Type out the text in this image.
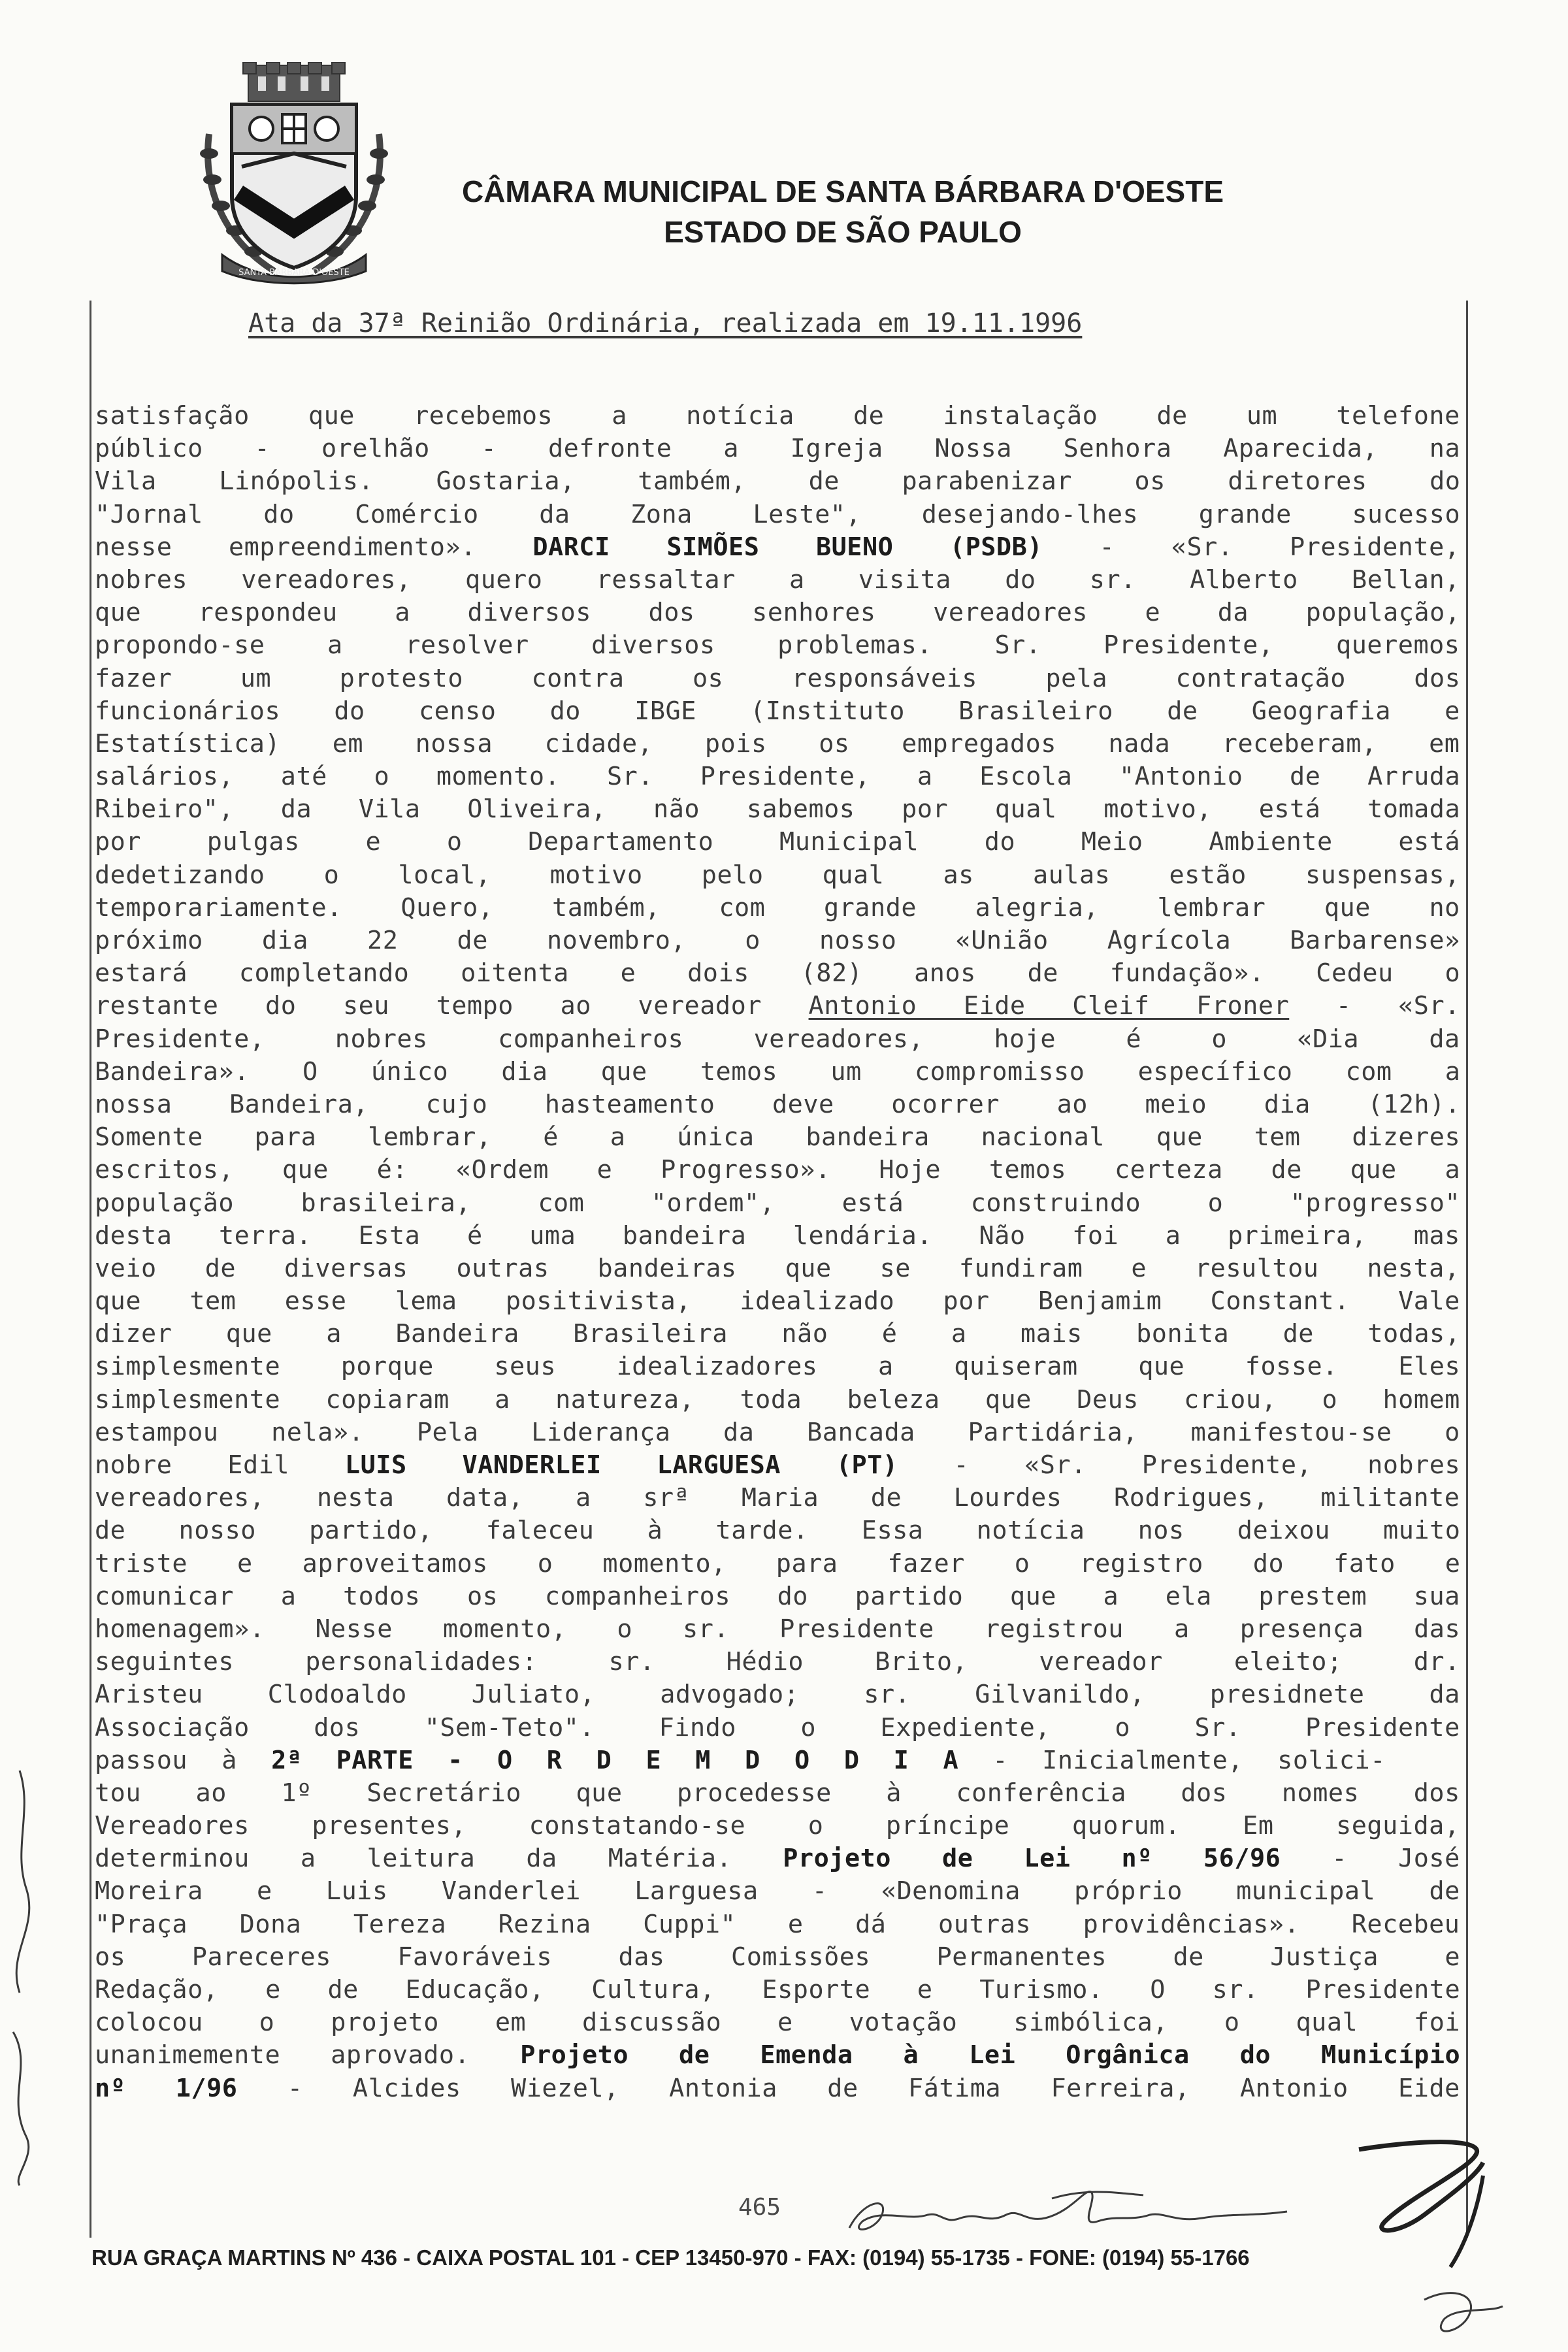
SANTA BÁRBARA D'OESTE
CÂMARA MUNICIPAL DE SANTA BÁRBARA D'OESTE
ESTADO DE SÃO PAULO
Ata da 37ª Reinião Ordinária, realizada em 19.11.1996
satisfação que recebemos a notícia de instalação de um telefone
público - orelhão - defronte a Igreja Nossa Senhora Aparecida, na
Vila Linópolis. Gostaria, também, de parabenizar os diretores do
"Jornal do Comércio da Zona Leste", desejando-lhes grande sucesso
nesse empreendimento». DARCI SIMÕES BUENO (PSDB) - «Sr. Presidente,
nobres vereadores, quero ressaltar a visita do sr. Alberto Bellan,
que respondeu a diversos dos senhores vereadores e da população,
propondo-se a resolver diversos problemas. Sr. Presidente, queremos
fazer um protesto contra os responsáveis pela contratação dos
funcionários do censo do IBGE (Instituto Brasileiro de Geografia e
Estatística) em nossa cidade, pois os empregados nada receberam, em
salários, até o momento. Sr. Presidente, a Escola "Antonio de Arruda
Ribeiro", da Vila Oliveira, não sabemos por qual motivo, está tomada
por pulgas e o Departamento Municipal do Meio Ambiente está
dedetizando o local, motivo pelo qual as aulas estão suspensas,
temporariamente. Quero, também, com grande alegria, lembrar que no
próximo dia 22 de novembro, o nosso «União Agrícola Barbarense»
estará completando oitenta e dois (82) anos de fundação». Cedeu o
restante do seu tempo ao vereador Antonio Eide Cleif Froner - «Sr.
Presidente, nobres companheiros vereadores, hoje é o «Dia da
Bandeira». O único dia que temos um compromisso específico com a
nossa Bandeira, cujo hasteamento deve ocorrer ao meio dia (12h).
Somente para lembrar, é a única bandeira nacional que tem dizeres
escritos, que é: «Ordem e Progresso». Hoje temos certeza de que a
população brasileira, com "ordem", está construindo o "progresso"
desta terra. Esta é uma bandeira lendária. Não foi a primeira, mas
veio de diversas outras bandeiras que se fundiram e resultou nesta,
que tem esse lema positivista, idealizado por Benjamim Constant. Vale
dizer que a Bandeira Brasileira não é a mais bonita de todas,
simplesmente porque seus idealizadores a quiseram que fosse. Eles
simplesmente copiaram a natureza, toda beleza que Deus criou, o homem
estampou nela». Pela Liderança da Bancada Partidária, manifestou-se o
nobre Edil LUIS VANDERLEI LARGUESA (PT) - «Sr. Presidente, nobres
vereadores, nesta data, a srª Maria de Lourdes Rodrigues, militante
de nosso partido, faleceu à tarde. Essa notícia nos deixou muito
triste e aproveitamos o momento, para fazer o registro do fato e
comunicar a todos os companheiros do partido que a ela prestem sua
homenagem». Nesse momento, o sr. Presidente registrou a presença das
seguintes personalidades: sr. Hédio Brito, vereador eleito; dr.
Aristeu Clodoaldo Juliato, advogado; sr. Gilvanildo, presidnete da
Associação dos "Sem-Teto". Findo o Expediente, o Sr. Presidente
passou à 2ª PARTE - O R D E M D O D I A - Inicialmente, solici-
tou ao 1º Secretário que procedesse à conferência dos nomes dos
Vereadores presentes, constatando-se o príncipe quorum. Em seguida,
determinou a leitura da Matéria. Projeto de Lei nº 56/96 - José
Moreira e Luis Vanderlei Larguesa - «Denomina próprio municipal de
"Praça Dona Tereza Rezina Cuppi" e dá outras providências». Recebeu
os Pareceres Favoráveis das Comissões Permanentes de Justiça e
Redação, e de Educação, Cultura, Esporte e Turismo. O sr. Presidente
colocou o projeto em discussão e votação simbólica, o qual foi
unanimemente aprovado. Projeto de Emenda à Lei Orgânica do Município
nº 1/96 - Alcides Wiezel, Antonia de Fátima Ferreira, Antonio Eide
465
RUA GRAÇA MARTINS Nº 436 - CAIXA POSTAL 101 - CEP 13450-970 - FAX: (0194) 55-1735 - FONE: (0194) 55-1766
